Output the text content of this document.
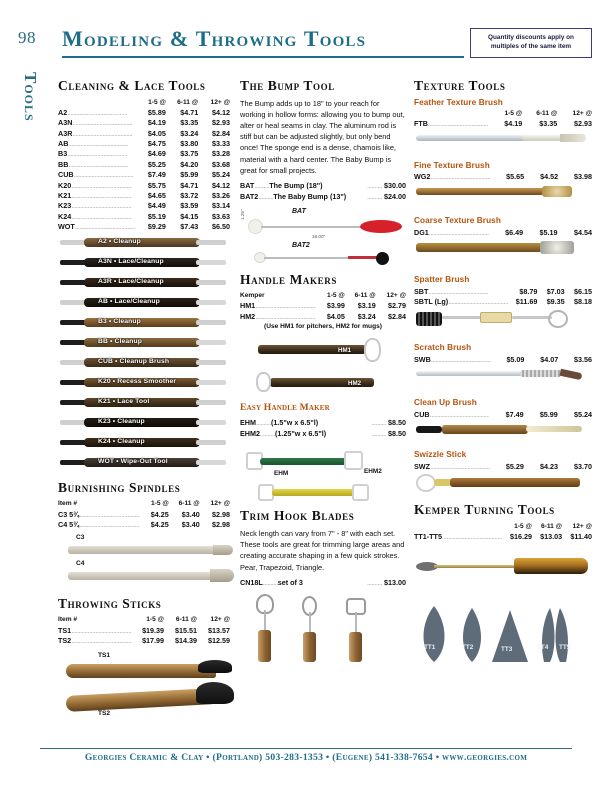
98 Modeling & Throwing Tools	Quantity discounts apply on multiples of the same item
Tools Cleaning & Lace Tools
	1-5 @	6-11 @	12+ @
A2........................................	$5.89	$4.71	$4.12
A3N........................................	$4.19	$3.35	$2.93
A3R........................................	$4.05	$3.24	$2.84
AB........................................	$4.75	$3.80	$3.33
B3........................................	$4.69	$3.75	$3.28
BB........................................	$5.25	$4.20	$3.68
CUB........................................	$7.49	$5.99	$5.24
K20........................................	$5.75	$4.71	$4.12
K21........................................	$4.65	$3.72	$3.26
K23........................................	$4.49	$3.59	$3.14
K24........................................	$5.19	$4.15	$3.63
WOT........................................	$9.29	$7.43	$6.50
A2 • Cleanup
A3N • Lace/Cleanup
A3R • Lace/Cleanup
AB • Lace/Cleanup
B3 • Cleanup
BB • Cleanup
CUB • Cleanup Brush
K20 • Recess Smoother
K21 • Lace Tool
K23 • Cleanup
K24 • Cleanup
WOT • Wipe-Out Tool
Burnishing Spindles
Item #	1-5 @	6-11 @	12+ @
C3 5¾........................................	$4.25	$3.40	$2.98
C4 5¾........................................	$4.25	$3.40	$2.98
C3
C4
Throwing Sticks
Item #	1-5 @	6-11 @	12+ @
TS1........................................	$19.39	$15.51	$13.57
TS2........................................	$17.99	$14.39	$12.59
TS1
TS2
The Bump Tool

The Bump adds up to 18" to your reach for working in hollow forms: allowing you to bump out, alter or heal seams in clay. The aluminum rod is stiff but can be adjusted slightly, but only bend once! The sponge end is a dense, chamois like, material with a hard center. The Baby Bump is great for small projects.

BAT..........The Bump (18")	.......... $30.00
BAT2..........The Baby Bump (13")	.......... $24.00
1.25"	BAT
18.00"
BAT2
Handle Makers
Kemper	1-5 @	6-11 @	12+ @
HM1........................................	$3.99	$3.19	$2.79
HM2........................................	$4.05	$3.24	$2.84
(Use HM1 for pitchers, HM2 for mugs)
HM1
HM2
Easy Handle Maker
EHM..........(1.5"w x 6.5"l)	.......... $8.50
EHM2..........(1.25"w x 6.5"l)	.......... $8.50
EHM	EHM2
Trim Hook Blades

Neck length can vary from 7" - 8" with each set. These tools are great for trimming large areas and creating accurate shaping in a few quick strokes. Pear, Trapezoid, Triangle.

CN18L..........set of 3	.......... $13.00
Texture Tools
Feather Texture Brush
	1-5 @	6-11 @	12+ @
FTB........................................	$4.19	$3.35	$2.93
Fine Texture Brush
WG2........................................	$5.65	$4.52	$3.98
Coarse Texture Brush
DG1........................................	$6.49	$5.19	$4.54
Spatter Brush
SBT........................................	$8.79	$7.03	$6.15
SBTL (Lg)........................................	$11.69	$9.35	$8.18
Scratch Brush
SWB........................................	$5.09	$4.07	$3.56
Clean Up Brush
CUB........................................	$7.49	$5.99	$5.24
Swizzle Stick
SWZ........................................	$5.29	$4.23	$3.70
Kemper Turning Tools
	1-5 @	6-11 @	12+ @
TT1-TT5........................................	$16.29	$13.03	$11.40
TT1	TT2	TT3	TT4 TT5
Georgies Ceramic & Clay • (Portland) 503-283-1353 • (Eugene) 541-338-7654 • www.georgies.com
